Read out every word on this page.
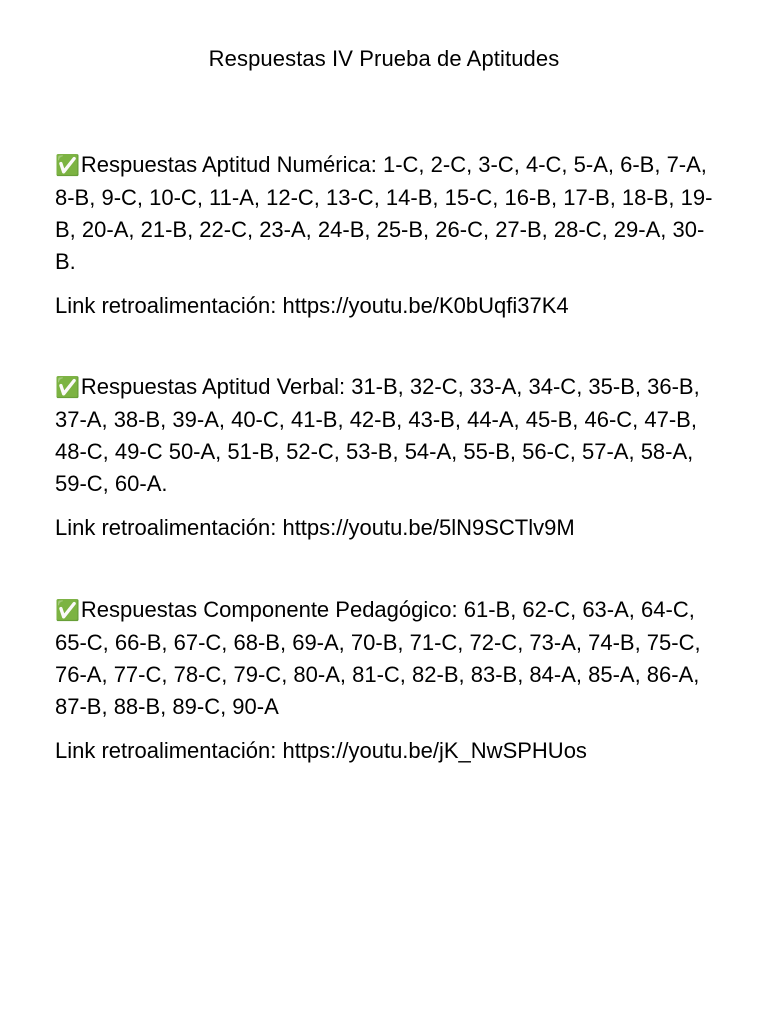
Respuestas IV Prueba de Aptitudes

✅Respuestas Aptitud Numérica: 1-C, 2-C, 3-C, 4-C, 5-A, 6-B, 7-A, 8-B, 9-C, 10-C, 11-A, 12-C, 13-C, 14-B, 15-C, 16-B, 17-B, 18-B, 19-B, 20-A, 21-B, 22-C, 23-A, 24-B, 25-B, 26-C, 27-B, 28-C, 29-A, 30-B.

Link retroalimentación: https://youtu.be/K0bUqfi37K4

✅Respuestas Aptitud Verbal: 31-B, 32-C, 33-A, 34-C, 35-B, 36-B, 37-A, 38-B, 39-A, 40-C, 41-B, 42-B, 43-B, 44-A, 45-B, 46-C, 47-B, 48-C, 49-C 50-A, 51-B, 52-C, 53-B, 54-A, 55-B, 56-C, 57-A, 58-A, 59-C, 60-A.

Link retroalimentación: https://youtu.be/5lN9SCTlv9M

✅Respuestas Componente Pedagógico: 61-B, 62-C, 63-A, 64-C, 65-C, 66-B, 67-C, 68-B, 69-A, 70-B, 71-C, 72-C, 73-A, 74-B, 75-C, 76-A, 77-C, 78-C, 79-C, 80-A, 81-C, 82-B, 83-B, 84-A, 85-A, 86-A, 87-B, 88-B, 89-C, 90-A

Link retroalimentación: https://youtu.be/jK_NwSPHUos
